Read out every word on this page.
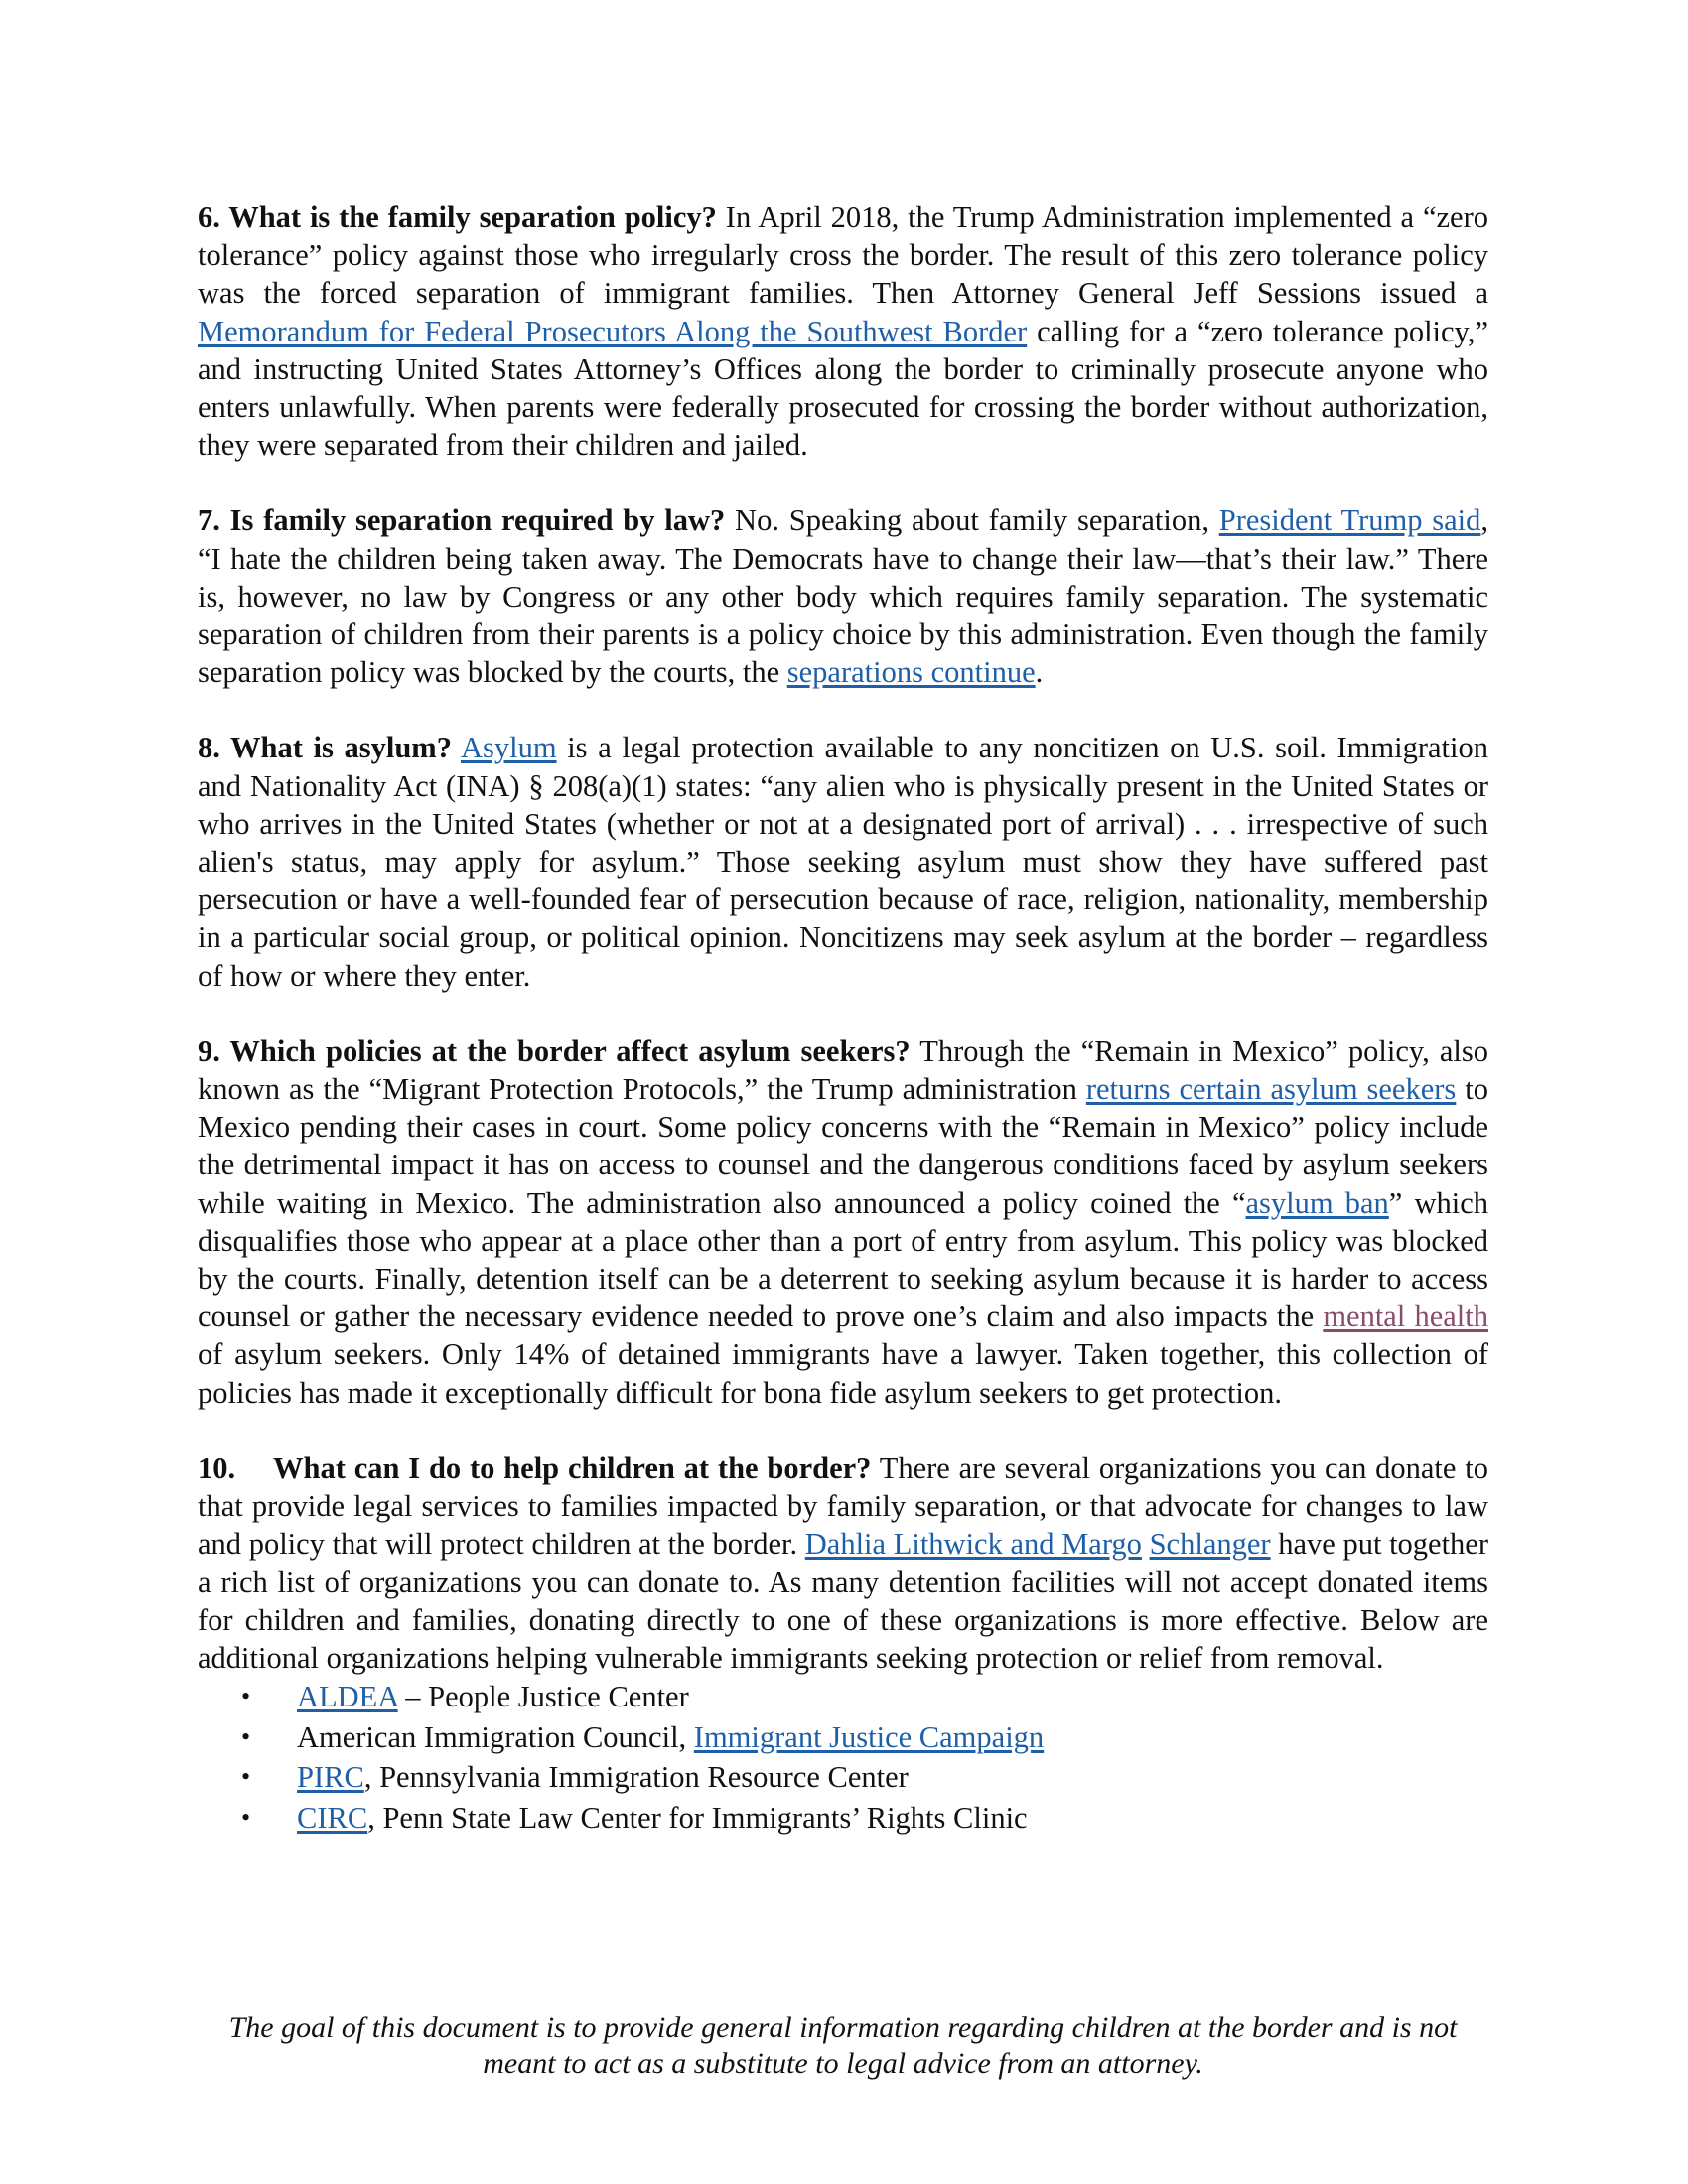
6. What is the family separation policy? In April 2018, the Trump Administration implemented a “zero tolerance” policy against those who irregularly cross the border. The result of this zero tolerance policy was the forced separation of immigrant families. Then Attorney General Jeff Sessions issued a Memorandum for Federal Prosecutors Along the Southwest Border calling for a “zero tolerance policy,” and instructing United States Attorney’s Offices along the border to criminally prosecute anyone who enters unlawfully. When parents were federally prosecuted for crossing the border without authorization, they were separated from their children and jailed.

7. Is family separation required by law? No. Speaking about family separation, President Trump said, “I hate the children being taken away. The Democrats have to change their law—that’s their law.” There is, however, no law by Congress or any other body which requires family separation. The systematic separation of children from their parents is a policy choice by this administration. Even though the family separation policy was blocked by the courts, the separations continue.

8. What is asylum? Asylum is a legal protection available to any noncitizen on U.S. soil. Immigration and Nationality Act (INA) § 208(a)(1) states: “any alien who is physically present in the United States or who arrives in the United States (whether or not at a designated port of arrival) . . . irrespective of such alien's status, may apply for asylum.” Those seeking asylum must show they have suffered past persecution or have a well-founded fear of persecution because of race, religion, nationality, membership in a particular social group, or political opinion. Noncitizens may seek asylum at the border – regardless of how or where they enter.

9. Which policies at the border affect asylum seekers? Through the “Remain in Mexico” policy, also known as the “Migrant Protection Protocols,” the Trump administration returns certain asylum seekers to Mexico pending their cases in court. Some policy concerns with the “Remain in Mexico” policy include the detrimental impact it has on access to counsel and the dangerous conditions faced by asylum seekers while waiting in Mexico. The administration also announced a policy coined the “asylum ban” which disqualifies those who appear at a place other than a port of entry from asylum. This policy was blocked by the courts. Finally, detention itself can be a deterrent to seeking asylum because it is harder to access counsel or gather the necessary evidence needed to prove one’s claim and also impacts the mental health of asylum seekers. Only 14% of detained immigrants have a lawyer. Taken together, this collection of policies has made it exceptionally difficult for bona fide asylum seekers to get protection.

10. What can I do to help children at the border? There are several organizations you can donate to that provide legal services to families impacted by family separation, or that advocate for changes to law and policy that will protect children at the border. Dahlia Lithwick and Margo Schlanger have put together a rich list of organizations you can donate to. As many detention facilities will not accept donated items for children and families, donating directly to one of these organizations is more effective. Below are additional organizations helping vulnerable immigrants seeking protection or relief from removal.

• ALDEA – People Justice Center
• American Immigration Council, Immigrant Justice Campaign
• PIRC, Pennsylvania Immigration Resource Center
• CIRC, Penn State Law Center for Immigrants’ Rights Clinic
The goal of this document is to provide general information regarding children at the border and is not
meant to act as a substitute to legal advice from an attorney.
